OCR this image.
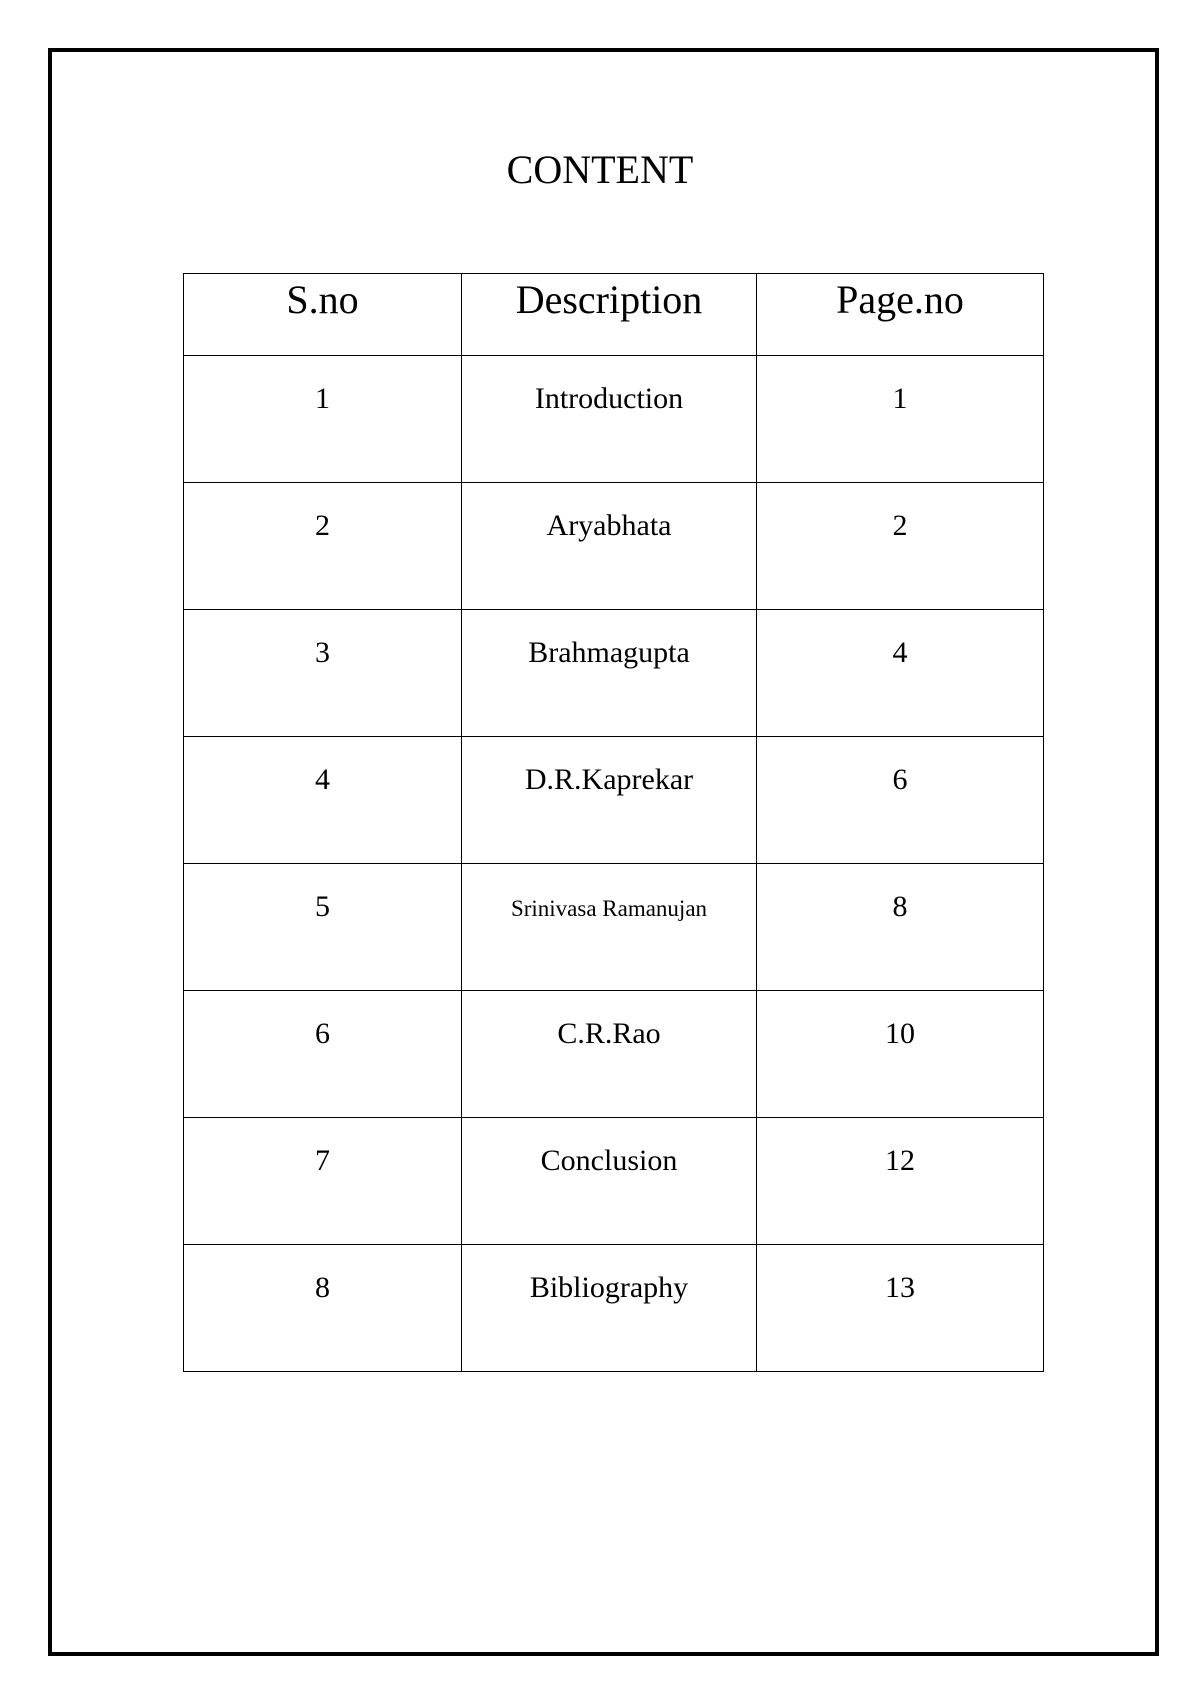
CONTENT
S.no	Description	Page.no
1	Introduction	1
2	Aryabhata	2
3	Brahmagupta	4
4	D.R.Kaprekar	6
5	Srinivasa Ramanujan	8
6	C.R.Rao	10
7	Conclusion	12
8	Bibliography	13
